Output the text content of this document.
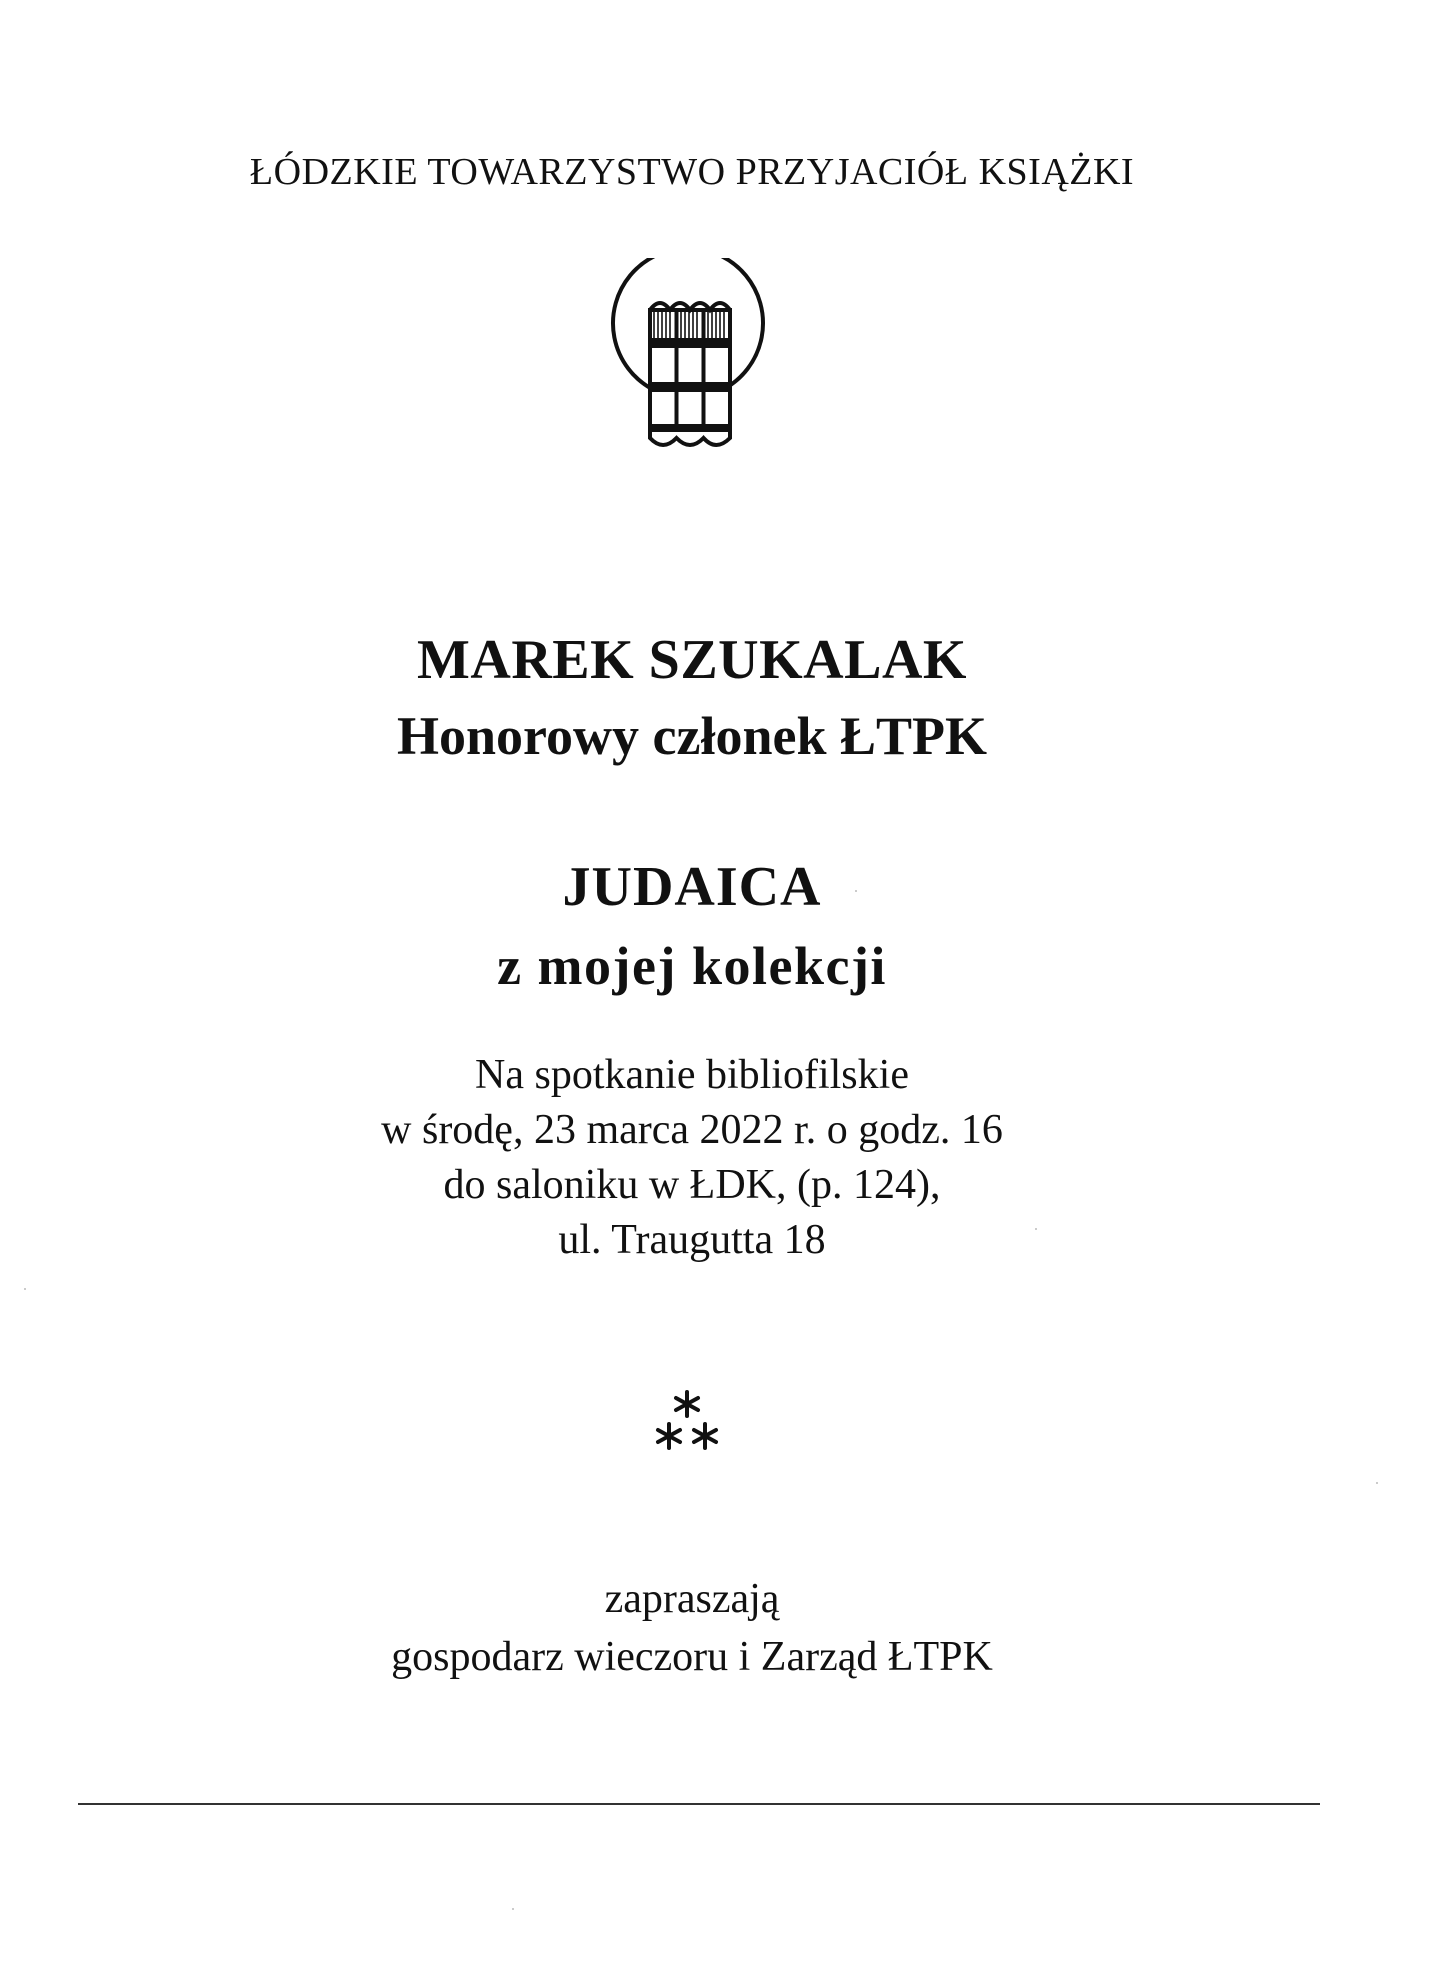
ŁÓDZKIE TOWARZYSTWO PRZYJACIÓŁ KSIĄŻKI
MAREK SZUKALAK
Honorowy członek ŁTPK
JUDAICA
z mojej kolekcji
Na spotkanie bibliofilskie
w środę, 23 marca 2022 r. o godz. 16
do saloniku w ŁDK, (p. 124),
ul. Traugutta 18
zapraszają
gospodarz wieczoru i Zarząd ŁTPK
